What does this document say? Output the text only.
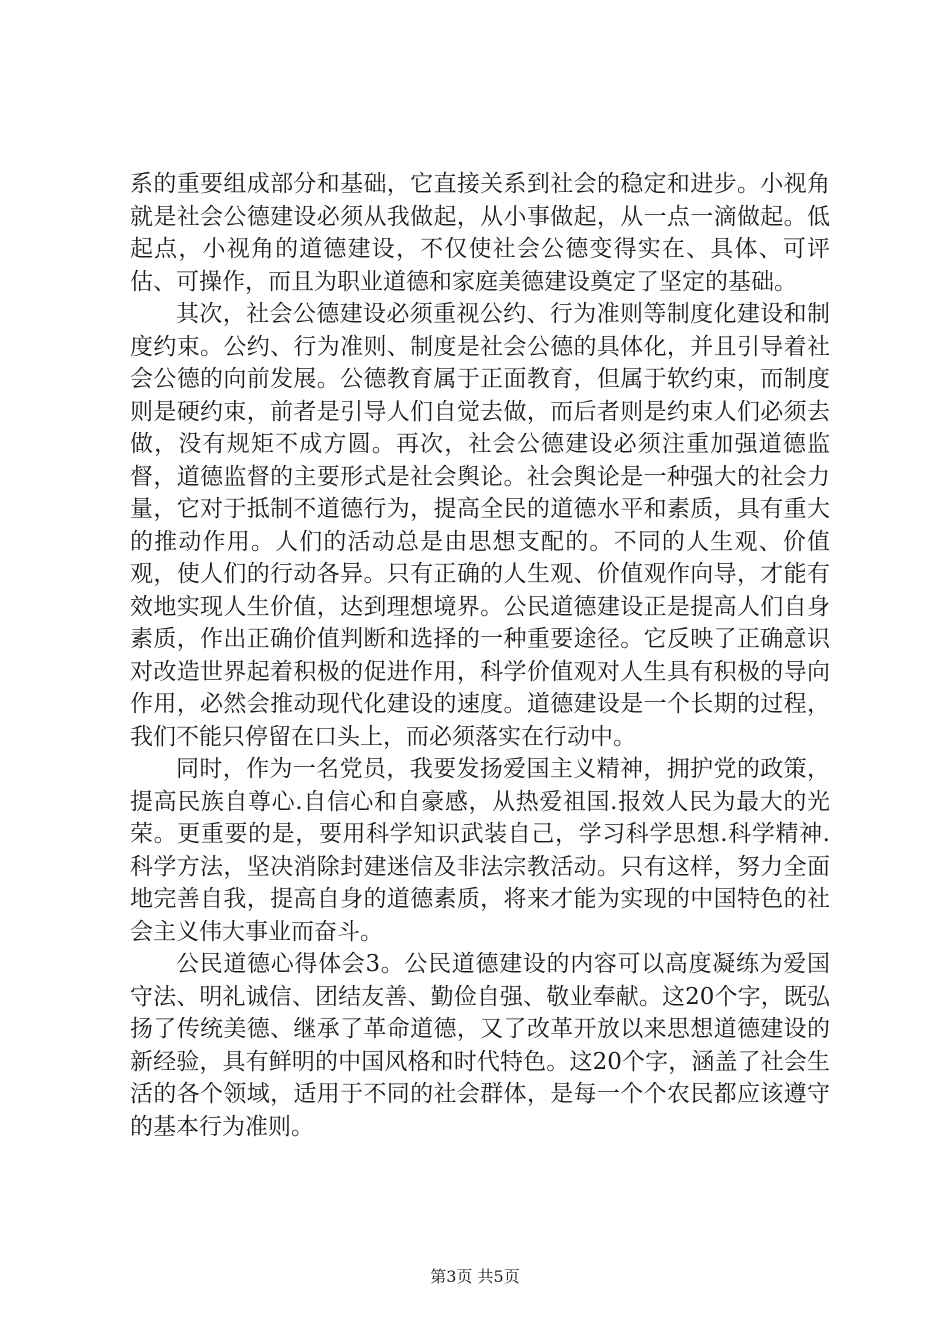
系的重要组成部分和基础，它直接关系到社会的稳定和进步。小视角就是社会公德建设必须从我做起，从小事做起，从一点一滴做起。低起点，小视角的道德建设，不仅使社会公德变得实在、具体、可评估、可操作，而且为职业道德和家庭美德建设奠定了坚定的基础。

其次，社会公德建设必须重视公约、行为准则等制度化建设和制度约束。公约、行为准则、制度是社会公德的具体化，并且引导着社会公德的向前发展。公德教育属于正面教育，但属于软约束，而制度则是硬约束，前者是引导人们自觉去做，而后者则是约束人们必须去做，没有规矩不成方圆。再次，社会公德建设必须注重加强道德监督，道德监督的主要形式是社会舆论。社会舆论是一种强大的社会力量，它对于抵制不道德行为，提高全民的道德水平和素质，具有重大的推动作用。人们的活动总是由思想支配的。不同的人生观、价值观，使人们的行动各异。只有正确的人生观、价值观作向导，才能有效地实现人生价值，达到理想境界。公民道德建设正是提高人们自身素质，作出正确价值判断和选择的一种重要途径。它反映了正确意识对改造世界起着积极的促进作用，科学价值观对人生具有积极的导向作用，必然会推动现代化建设的速度。道德建设是一个长期的过程，我们不能只停留在口头上，而必须落实在行动中。

同时，作为一名党员，我要发扬爱国主义精神，拥护党的政策，提高民族自尊心.自信心和自豪感，从热爱祖国.报效人民为最大的光荣。更重要的是，要用科学知识武装自己，学习科学思想.科学精神.科学方法，坚决消除封建迷信及非法宗教活动。只有这样，努力全面地完善自我，提高自身的道德素质，将来才能为实现的中国特色的社会主义伟大事业而奋斗。

公民道德心得体会3。公民道德建设的内容可以高度凝练为爱国守法、明礼诚信、团结友善、勤俭自强、敬业奉献。这20个字，既弘扬了传统美德、继承了革命道德，又了改革开放以来思想道德建设的新经验，具有鲜明的中国风格和时代特色。这20个字，涵盖了社会生活的各个领域，适用于不同的社会群体，是每一个个农民都应该遵守的基本行为准则。

第3页 共5页
